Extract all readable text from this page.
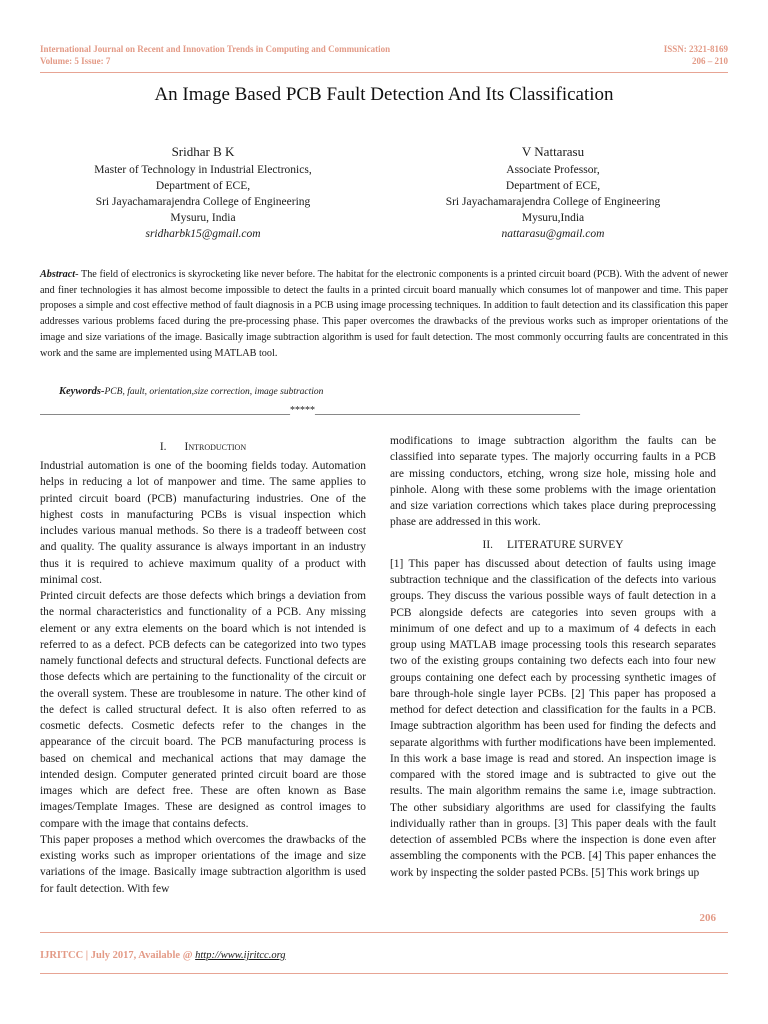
International Journal on Recent and Innovation Trends in Computing and Communication
Volume: 5 Issue: 7
ISSN: 2321-8169
206 – 210
An Image Based PCB Fault Detection And Its Classification
Sridhar B K
Master of Technology in Industrial Electronics,
Department of ECE,
Sri Jayachamarajendra College of Engineering
Mysuru, India
sridharbk15@gmail.com
V Nattarasu
Associate Professor,
Department of ECE,
Sri Jayachamarajendra College of Engineering
Mysuru,India
nattarasu@gmail.com
Abstract- The field of electronics is skyrocketing like never before. The habitat for the electronic components is a printed circuit board (PCB). With the advent of newer and finer technologies it has almost become impossible to detect the faults in a printed circuit board manually which consumes lot of manpower and time. This paper proposes a simple and cost effective method of fault diagnosis in a PCB using image processing techniques. In addition to fault detection and its classification this paper addresses various problems faced during the pre-processing phase. This paper overcomes the drawbacks of the previous works such as improper orientations of the image and size variations of the image. Basically image subtraction algorithm is used for fault detection. The most commonly occurring faults are concentrated in this work and the same are implemented using MATLAB tool.
Keywords-PCB, fault, orientation,size correction, image subtraction
__________________________________________________*****_____________________________________________________
I. Introduction

Industrial automation is one of the booming fields today. Automation helps in reducing a lot of manpower and time. The same applies to printed circuit board (PCB) manufacturing industries. One of the highest costs in manufacturing PCBs is visual inspection which includes various manual methods. So there is a tradeoff between cost and quality. The quality assurance is always important in an industry thus it is required to achieve maximum quality of a product with minimal cost.

Printed circuit defects are those defects which brings a deviation from the normal characteristics and functionality of a PCB. Any missing element or any extra elements on the board which is not intended is referred to as a defect. PCB defects can be categorized into two types namely functional defects and structural defects. Functional defects are those defects which are pertaining to the functionality of the circuit or the overall system. These are troublesome in nature. The other kind of the defect is called structural defect. It is also often referred to as cosmetic defects. Cosmetic defects refer to the changes in the appearance of the circuit board. The PCB manufacturing process is based on chemical and mechanical actions that may damage the intended design. Computer generated printed circuit board are those images which are defect free. These are often known as Base images/Template Images. These are designed as control images to compare with the image that contains defects.

This paper proposes a method which overcomes the drawbacks of the existing works such as improper orientations of the image and size variations of the image. Basically image subtraction algorithm is used for fault detection. With few

modifications to image subtraction algorithm the faults can be classified into separate types. The majorly occurring faults in a PCB are missing conductors, etching, wrong size hole, missing hole and pinhole. Along with these some problems with the image orientation and size variation corrections which takes place during preprocessing phase are addressed in this work.

II. LITERATURE SURVEY

[1] This paper has discussed about detection of faults using image subtraction technique and the classification of the defects into various groups. They discuss the various possible ways of fault detection in a PCB alongside defects are categories into seven groups with a minimum of one defect and up to a maximum of 4 defects in each group using MATLAB image processing tools this research separates two of the existing groups containing two defects each into four new groups containing one defect each by processing synthetic images of bare through-hole single layer PCBs. [2] This paper has proposed a method for defect detection and classification for the faults in a PCB. Image subtraction algorithm has been used for finding the defects and separate algorithms with further modifications have been implemented. In this work a base image is read and stored. An inspection image is compared with the stored image and is subtracted to give out the results. The main algorithm remains the same i.e, image subtraction. The other subsidiary algorithms are used for classifying the faults individually rather than in groups. [3] This paper deals with the fault detection of assembled PCBs where the inspection is done even after assembling the components with the PCB. [4] This paper enhances the work by inspecting the solder pasted PCBs. [5] This work brings up

206
IJRITCC | July 2017, Available @ http://www.ijritcc.org
